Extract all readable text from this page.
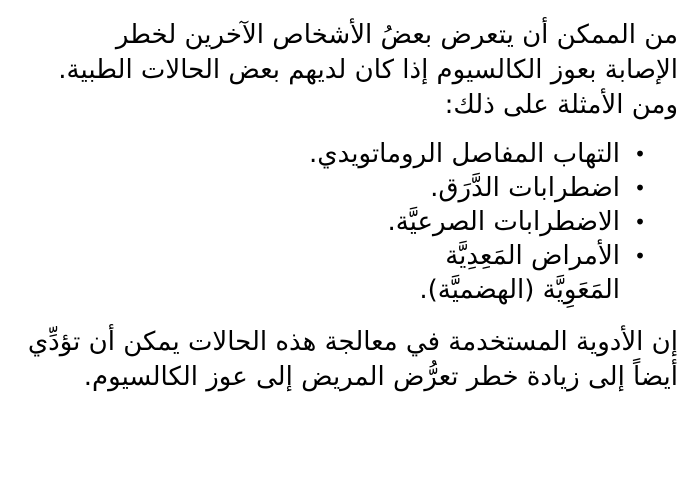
من الممكن أن يتعرض بعضُ الأشخاص الآخرين لخطر
الإصابة بعوز الكالسيوم إذا كان لديهم بعض الحالات الطبية.
ومن الأمثلة على ذلك:

•
التهاب المفاصل الروماتويدي.
•
اضطرابات الدَّرَق.
•
الاضطرابات الصرعيَّة.
•
الأمراض المَعِدِيَّة
المَعَوِيَّة (الهضميَّة).

إن الأدوية المستخدمة في معالجة هذه الحالات يمكن أن تؤدِّي
أيضاً إلى زيادة خطر تعرُّض المريض إلى عوز الكالسيوم.
